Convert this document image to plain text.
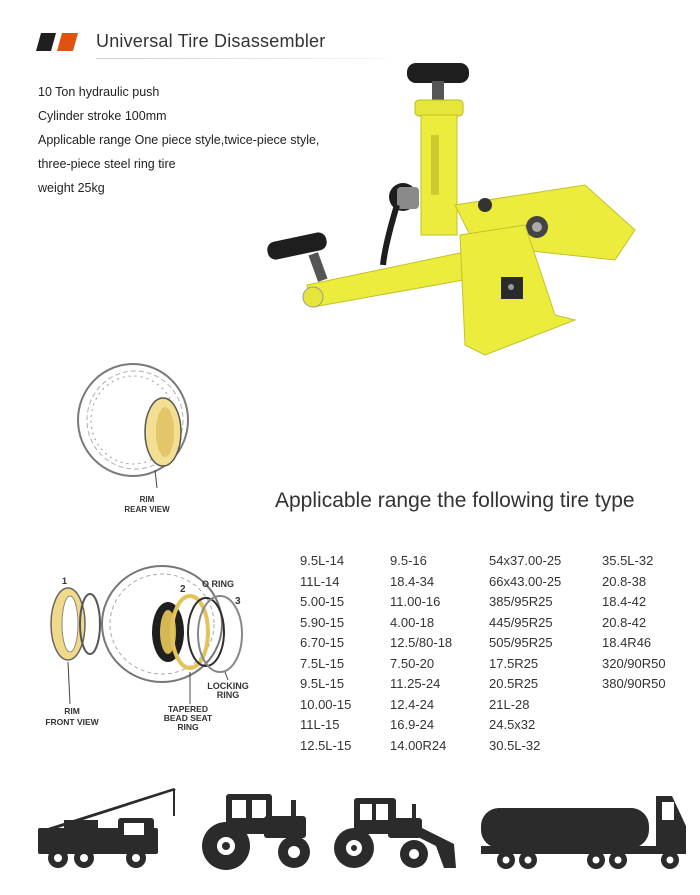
Universal Tire Disassembler
10 Ton hydraulic push
Cylinder stroke 100mm
Applicable range One piece style,twice-piece style,
three-piece steel ring tire
weight 25kg
RIM
REAR VIEW
1
2
3
O RING
LOCKING
RING
RIM
FRONT VIEW
TAPERED
BEAD SEAT
RING
Applicable range the following tire type
9.5L-14
11L-14
5.00-15
5.90-15
6.70-15
7.5L-15
9.5L-15
10.00-15
11L-15
12.5L-15
9.5-16
18.4-34
11.00-16
4.00-18
12.5/80-18
7.50-20
11.25-24
12.4-24
16.9-24
14.00R24
54x37.00-25
66x43.00-25
385/95R25
445/95R25
505/95R25
17.5R25
20.5R25
21L-28
24.5x32
30.5L-32
35.5L-32
20.8-38
18.4-42
20.8-42
18.4R46
320/90R50
380/90R50
